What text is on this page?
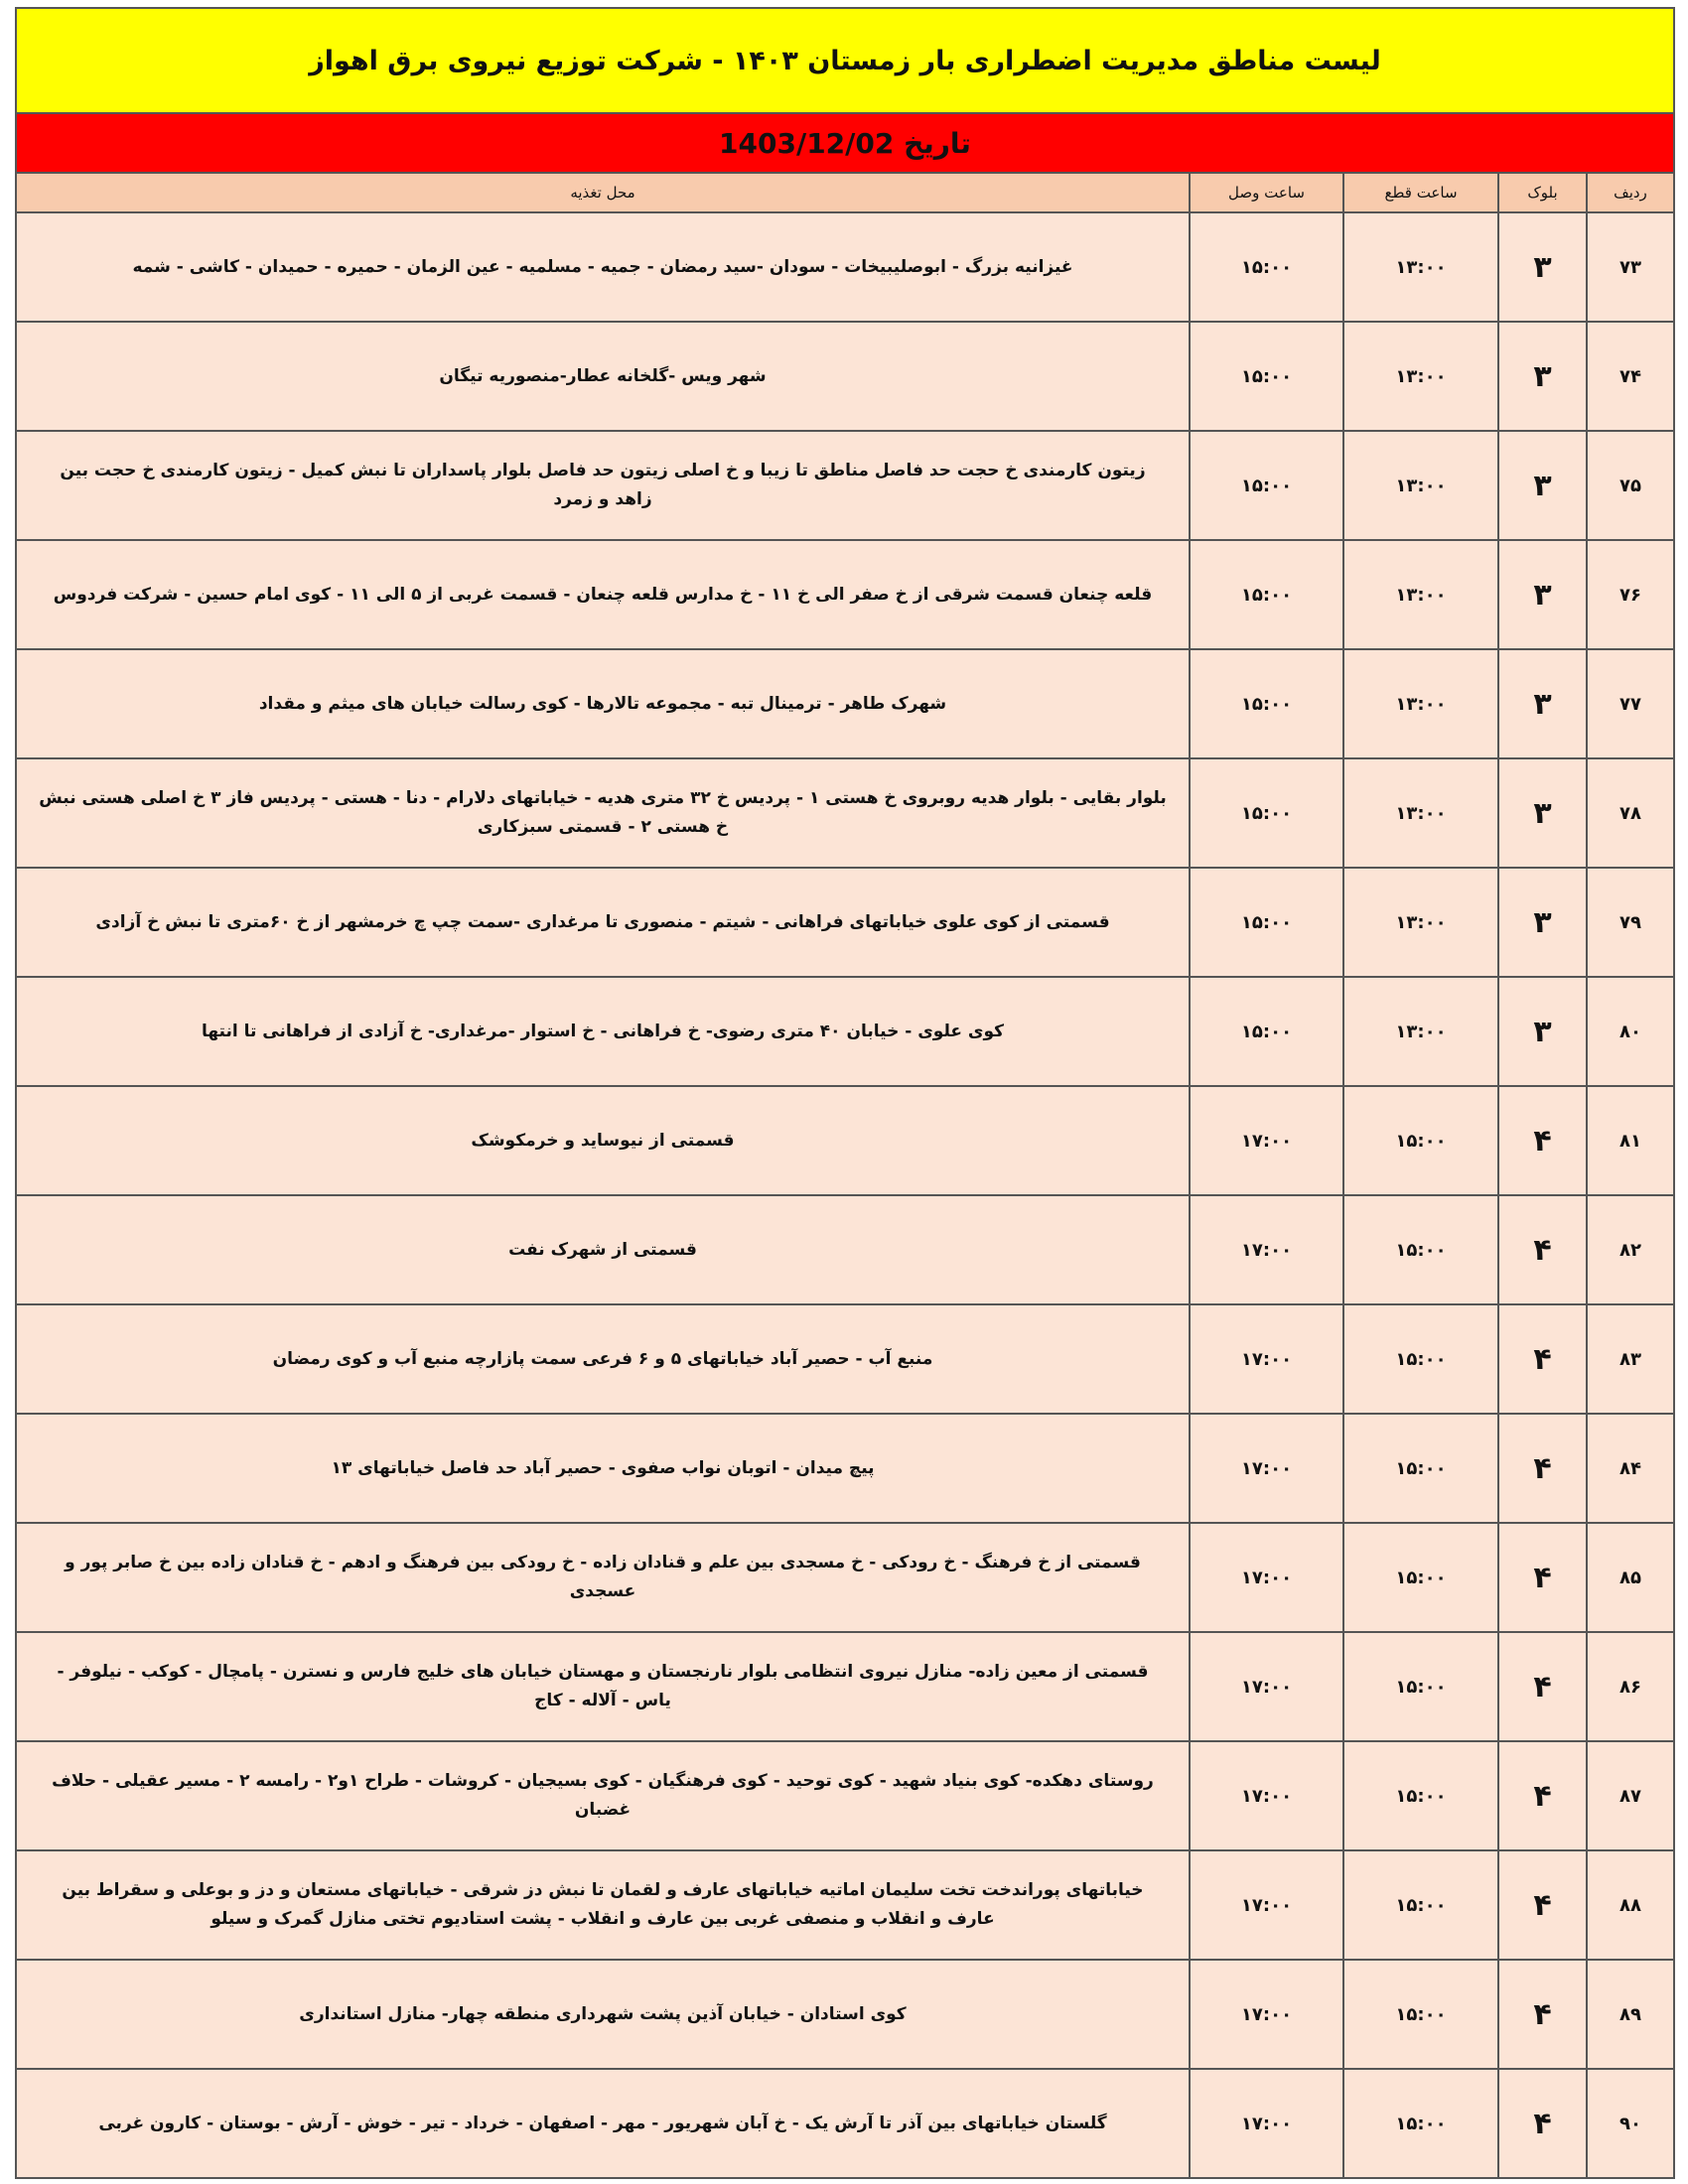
لیست مناطق مدیریت اضطراری بار زمستان ۱۴۰۳ - شرکت توزیع نیروی برق اهواز
تاریخ 1403/12/02
ردیف	بلوک	ساعت قطع	ساعت وصل	محل تغذیه
۷۳	۳	۱۳:۰۰	۱۵:۰۰	غیزانیه بزرگ - ابوصلیبیخات - سودان -سید رمضان - جمیه - مسلمیه - عین الزمان - حمیره - حمیدان - کاشی - شمه
۷۴	۳	۱۳:۰۰	۱۵:۰۰	شهر ویس -گلخانه عطار-منصوریه تیگان
۷۵	۳	۱۳:۰۰	۱۵:۰۰	زیتون کارمندی خ حجت حد فاصل مناطق تا زیبا و خ اصلی زیتون حد فاصل بلوار پاسداران تا نبش کمیل - زیتون کارمندی خ حجت بین زاهد و زمرد
۷۶	۳	۱۳:۰۰	۱۵:۰۰	قلعه چنعان قسمت شرقی از خ صفر الی خ ۱۱ - خ مدارس قلعه چنعان - قسمت غربی از ۵ الی ۱۱ - کوی امام حسین - شرکت فردوس
۷۷	۳	۱۳:۰۰	۱۵:۰۰	شهرک طاهر - ترمینال تبه - مجموعه تالارها - کوی رسالت خیابان های میثم و مقداد
۷۸	۳	۱۳:۰۰	۱۵:۰۰	بلوار بقایی - بلوار هدیه روبروی خ هستی ۱ - پردیس خ ۳۲ متری هدیه - خیاباتهای دلارام - دنا - هستی - پردیس فاز ۳ خ اصلی هستی نبش خ هستی ۲ - قسمتی سبزکاری
۷۹	۳	۱۳:۰۰	۱۵:۰۰	قسمتی از کوی علوی خیاباتهای فراهانی - شیتم - منصوری تا مرغداری -سمت چپ چ خرمشهر از خ ۶۰متری تا نبش خ آزادی
۸۰	۳	۱۳:۰۰	۱۵:۰۰	کوی علوی - خیابان ۴۰ متری رضوی- خ فراهانی - خ استوار -مرغداری- خ آزادی از فراهانی تا انتها
۸۱	۴	۱۵:۰۰	۱۷:۰۰	قسمتی از نیوساید و خرمکوشک
۸۲	۴	۱۵:۰۰	۱۷:۰۰	قسمتی از شهرک نفت
۸۳	۴	۱۵:۰۰	۱۷:۰۰	منبع آب - حصیر آباد خیاباتهای ۵ و ۶ فرعی سمت پازارچه منبع آب و کوی رمضان
۸۴	۴	۱۵:۰۰	۱۷:۰۰	پیچ میدان - اتوبان نواب صفوی - حصیر آباد حد فاصل خیاباتهای ۱۳
۸۵	۴	۱۵:۰۰	۱۷:۰۰	قسمتی از خ فرهنگ - خ رودکی - خ مسجدی بین علم و قنادان زاده - خ رودکی بین فرهنگ و ادهم - خ قنادان زاده بین خ صابر پور و عسجدی
۸۶	۴	۱۵:۰۰	۱۷:۰۰	قسمتی از معین زاده- منازل نیروی انتظامی بلوار نارنجستان و مهستان خیابان های خلیج فارس و نسترن - پامچال - کوکب - نیلوفر - یاس - آلاله - کاج
۸۷	۴	۱۵:۰۰	۱۷:۰۰	روستای دهکده- کوی بنیاد شهید - کوی توحید - کوی فرهنگیان - کوی بسیجیان - کروشات - طراح ۱و۲ - رامسه ۲ - مسیر عقیلی - حلاف غضبان
۸۸	۴	۱۵:۰۰	۱۷:۰۰	خیاباتهای پوراندخت تخت سلیمان اماتیه خیاباتهای عارف و لقمان تا نبش دز شرقی - خیاباتهای مستعان و دز و بوعلی و سقراط بین عارف و انقلاب و منصفی غربی بین عارف و انقلاب - پشت استادیوم تختی منازل گمرک و سیلو
۸۹	۴	۱۵:۰۰	۱۷:۰۰	کوی استادان - خیابان آذین پشت شهرداری منطقه چهار- منازل استانداری
۹۰	۴	۱۵:۰۰	۱۷:۰۰	گلستان خیاباتهای بین آذر تا آرش یک - خ آبان شهریور - مهر - اصفهان - خرداد - تیر - خوش - آرش - بوستان - کارون غربی
